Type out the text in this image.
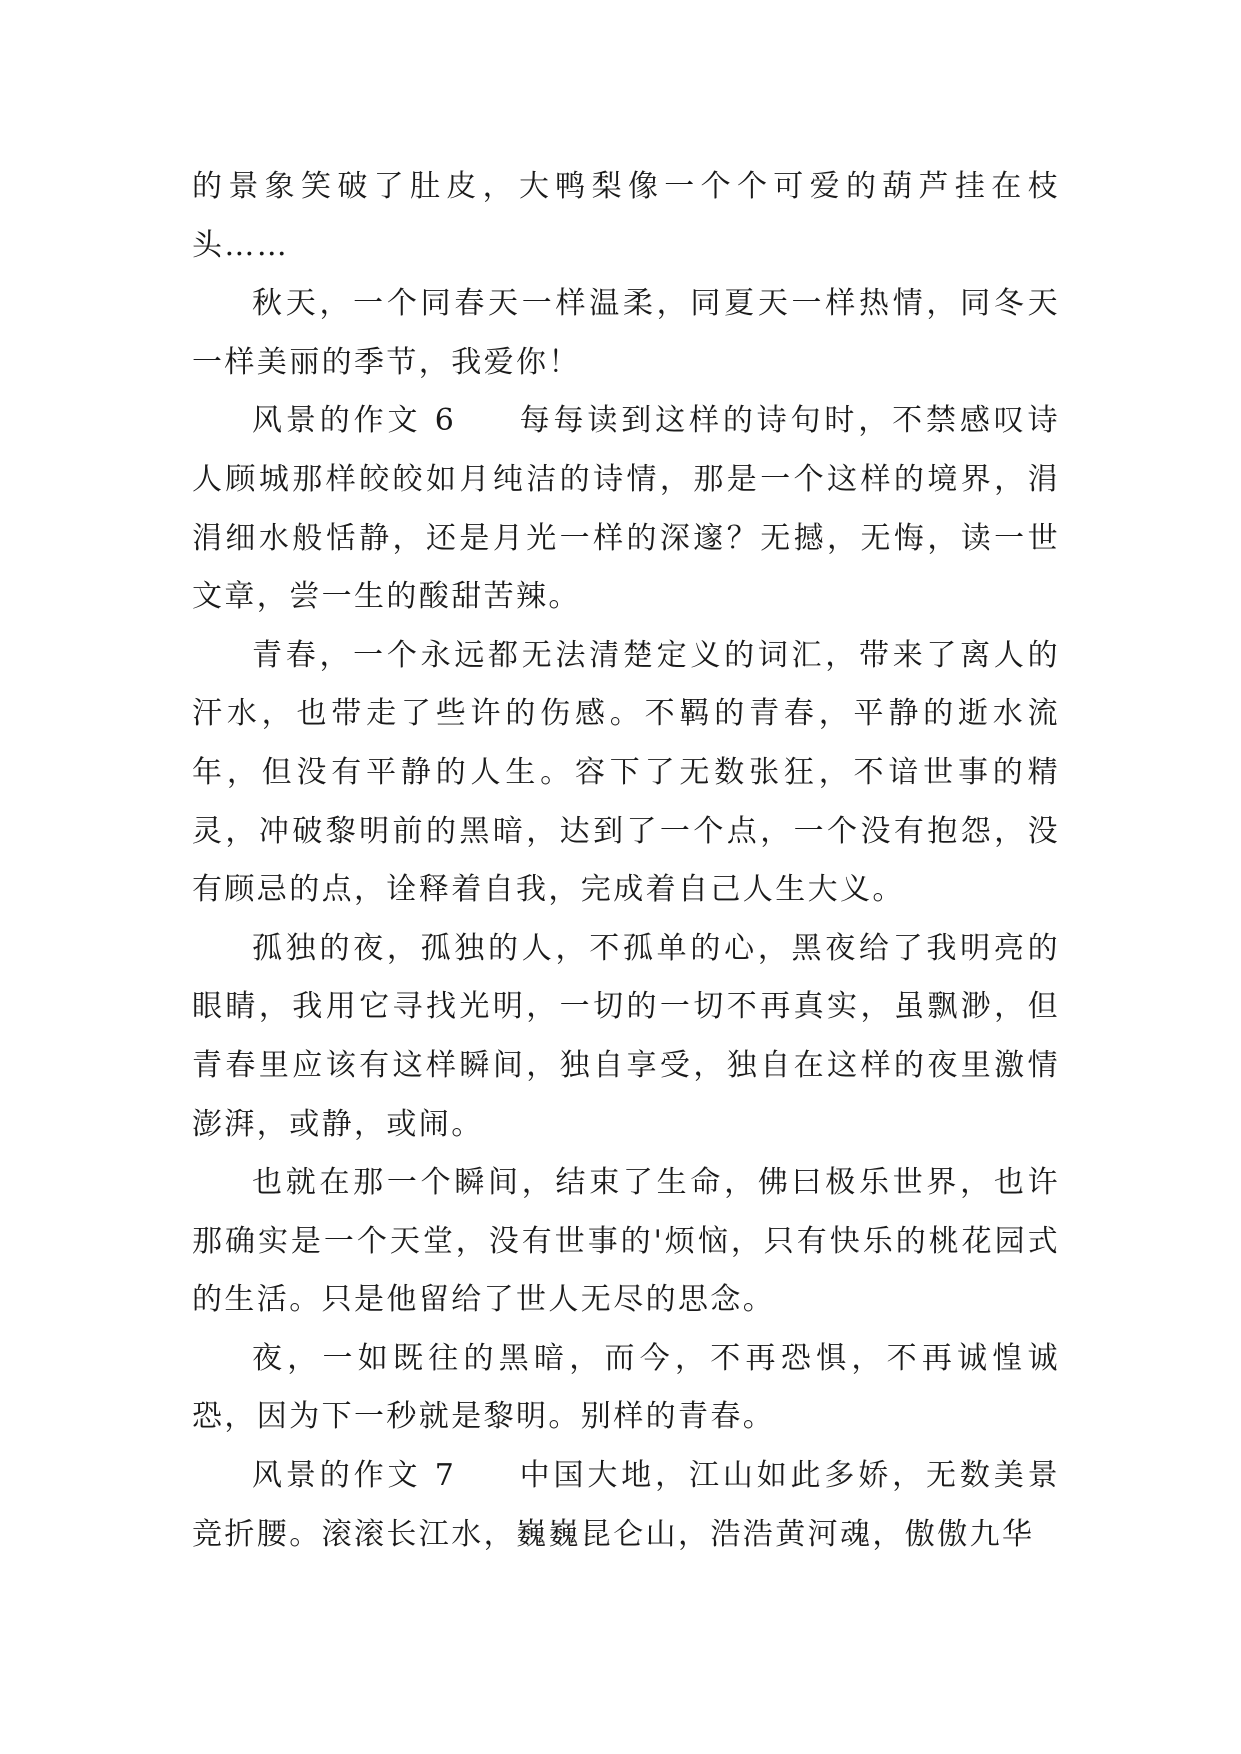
的景象笑破了肚皮，大鸭梨像一个个可爱的葫芦挂在枝头……

秋天，一个同春天一样温柔，同夏天一样热情，同冬天一样美丽的季节，我爱你！

风景的作文 6 每每读到这样的诗句时，不禁感叹诗人顾城那样皎皎如月纯洁的诗情，那是一个这样的境界，涓涓细水般恬静，还是月光一样的深邃？无撼，无悔，读一世文章，尝一生的酸甜苦辣。

青春，一个永远都无法清楚定义的词汇，带来了离人的汗水，也带走了些许的伤感。不羁的青春，平静的逝水流年，但没有平静的人生。容下了无数张狂，不谙世事的精灵，冲破黎明前的黑暗，达到了一个点，一个没有抱怨，没有顾忌的点，诠释着自我，完成着自己人生大义。

孤独的夜，孤独的人，不孤单的心，黑夜给了我明亮的眼睛，我用它寻找光明，一切的一切不再真实，虽飘渺，但青春里应该有这样瞬间，独自享受，独自在这样的夜里激情澎湃，或静，或闹。

也就在那一个瞬间，结束了生命，佛曰极乐世界，也许那确实是一个天堂，没有世事的'烦恼，只有快乐的桃花园式的生活。只是他留给了世人无尽的思念。

夜，一如既往的黑暗，而今，不再恐惧，不再诚惶诚恐，因为下一秒就是黎明。别样的青春。

风景的作文 7 中国大地，江山如此多娇，无数美景竞折腰。滚滚长江水，巍巍昆仑山，浩浩黄河魂，傲傲九华
